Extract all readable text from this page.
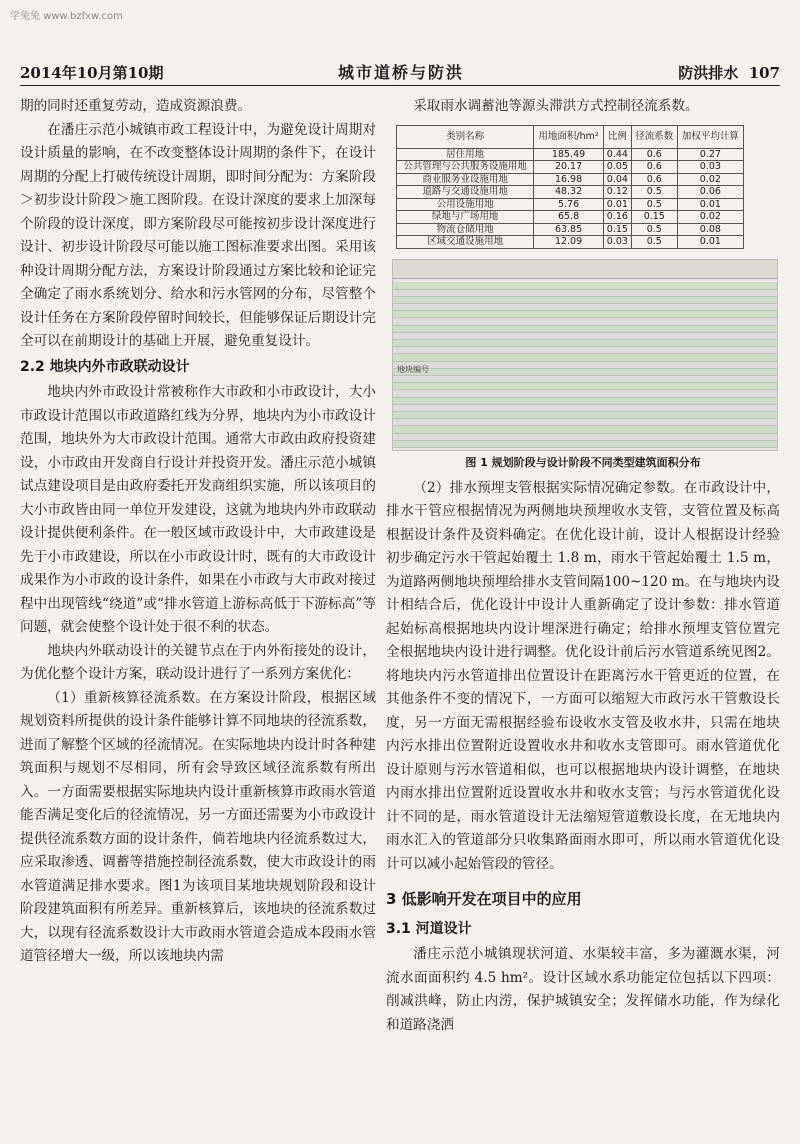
学兔兔 www.bzfxw.com
2014年10月第10期	城市道桥与防洪	防洪排水 107

期的同时还重复劳动，造成资源浪费。

在潘庄示范小城镇市政工程设计中，为避免设计周期对设计质量的影响，在不改变整体设计周期的条件下，在设计周期的分配上打破传统设计周期，即时间分配为：方案阶段＞初步设计阶段＞施工图阶段。在设计深度的要求上加深每个阶段的设计深度，即方案阶段尽可能按初步设计深度进行设计、初步设计阶段尽可能以施工图标准要求出图。采用该种设计周期分配方法，方案设计阶段通过方案比较和论证完全确定了雨水系统划分、给水和污水管网的分布，尽管整个设计任务在方案阶段停留时间较长，但能够保证后期设计完全可以在前期设计的基础上开展，避免重复设计。

2.2 地块内外市政联动设计

地块内外市政设计常被称作大市政和小市政设计，大小市政设计范围以市政道路红线为分界，地块内为小市政设计范围，地块外为大市政设计范围。通常大市政由政府投资建设，小市政由开发商自行设计并投资开发。潘庄示范小城镇试点建设项目是由政府委托开发商组织实施，所以该项目的大小市政皆由同一单位开发建设，这就为地块内外市政联动设计提供便利条件。在一般区域市政设计中，大市政建设是先于小市政建设，所以在小市政设计时，既有的大市政设计成果作为小市政的设计条件，如果在小市政与大市政对接过程中出现管线“绕道”或“排水管道上游标高低于下游标高”等问题，就会使整个设计处于很不利的状态。

地块内外联动设计的关键节点在于内外衔接处的设计，为优化整个设计方案，联动设计进行了一系列方案优化：

（1）重新核算径流系数。在方案设计阶段，根据区域规划资料所提供的设计条件能够计算不同地块的径流系数，进而了解整个区域的径流情况。在实际地块内设计时各种建筑面积与规划不尽相同，所有会导致区域径流系数有所出入。一方面需要根据实际地块内设计重新核算市政雨水管道能否满足变化后的径流情况，另一方面还需要为小市政设计提供径流系数方面的设计条件，倘若地块内径流系数过大，应采取渗透、调蓄等措施控制径流系数，使大市政设计的雨水管道满足排水要求。图1为该项目某地块规划阶段和设计阶段建筑面积有所差异。重新核算后，该地块的径流系数过大，以现有径流系数设计大市政雨水管道会造成本段雨水管道管径增大一级，所以该地块内需

采取雨水调蓄池等源头滞洪方式控制径流系数。

类别名称	用地面积/hm²	比例	径流系数	加权平均计算
居住用地	185.49	0.44	0.6	0.27
公共管理与公共服务设施用地	20.17	0.05	0.6	0.03
商业服务业设施用地	16.98	0.04	0.6	0.02
道路与交通设施用地	48.32	0.12	0.5	0.06
公用设施用地	5.76	0.01	0.5	0.01
绿地与广场用地	65.8	0.16	0.15	0.02
物流仓储用地	63.85	0.15	0.5	0.08
区域交通设施用地	12.09	0.03	0.5	0.01
地块编号
图 1 规划阶段与设计阶段不同类型建筑面积分布

（2）排水预埋支管根据实际情况确定参数。在市政设计中，排水干管应根据情况为两侧地块预埋收水支管，支管位置及标高根据设计条件及资料确定。在优化设计前，设计人根据设计经验初步确定污水干管起始覆土 1.8 m，雨水干管起始覆土 1.5 m，为道路两侧地块预埋给排水支管间隔100~120 m。在与地块内设计相结合后，优化设计中设计人重新确定了设计参数：排水管道起始标高根据地块内设计埋深进行确定；给排水预埋支管位置完全根据地块内设计进行调整。优化设计前后污水管道系统见图2。将地块内污水管道排出位置设计在距离污水干管更近的位置，在其他条件不变的情况下，一方面可以缩短大市政污水干管敷设长度，另一方面无需根据经验布设收水支管及收水井，只需在地块内污水排出位置附近设置收水井和收水支管即可。雨水管道优化设计原则与污水管道相似，也可以根据地块内设计调整，在地块内雨水排出位置附近设置收水井和收水支管；与污水管道优化设计不同的是，雨水管道设计无法缩短管道敷设长度，在无地块内雨水汇入的管道部分只收集路面雨水即可，所以雨水管道优化设计可以减小起始管段的管径。

3 低影响开发在项目中的应用
3.1 河道设计

潘庄示范小城镇现状河道、水渠较丰富，多为灌溉水渠，河流水面面积约 4.5 hm²。设计区域水系功能定位包括以下四项：削减洪峰，防止内涝，保护城镇安全；发挥储水功能，作为绿化和道路浇洒
